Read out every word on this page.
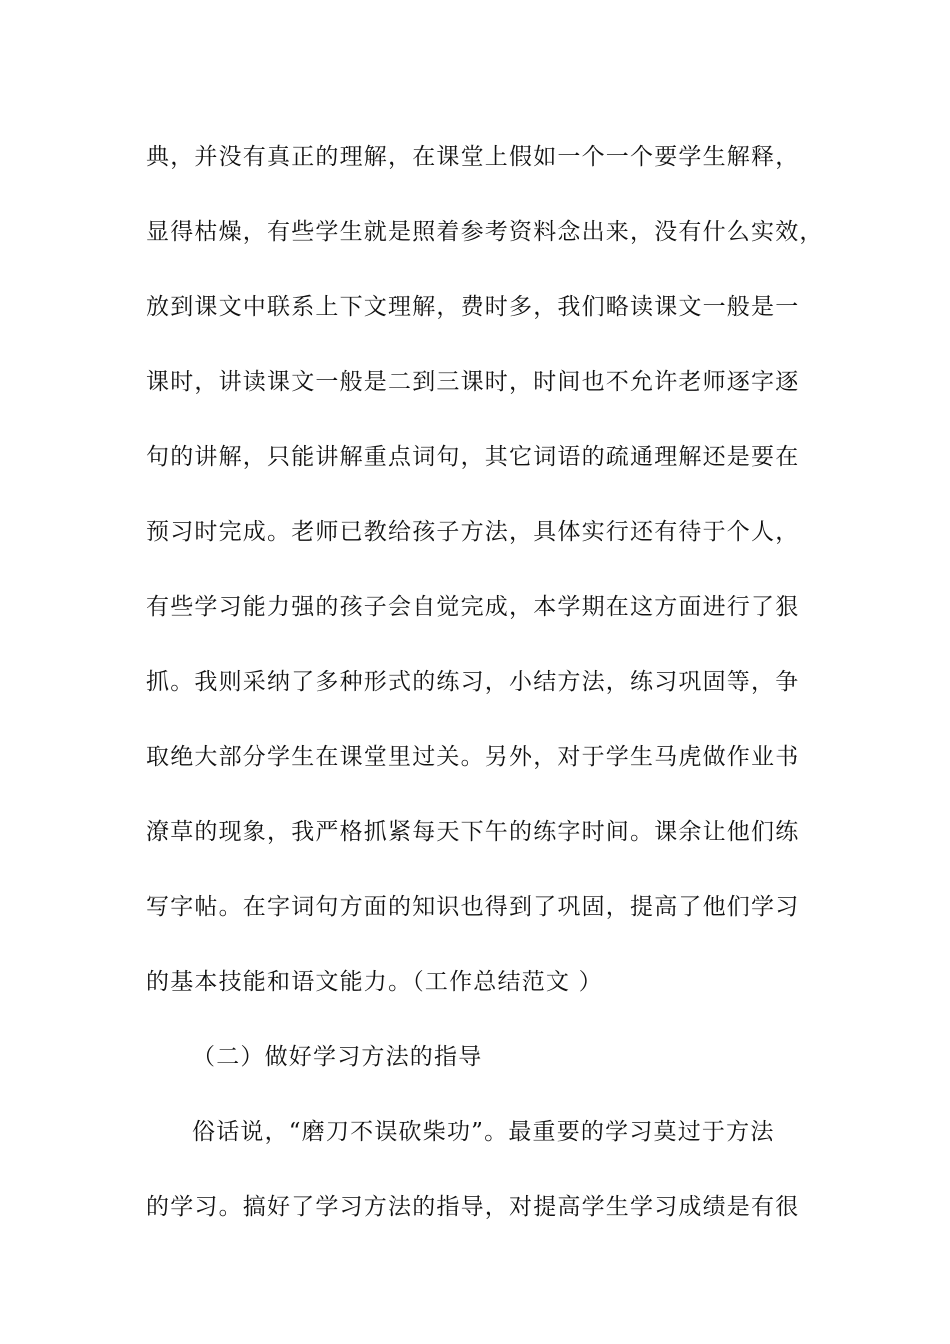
典，并没有真正的理解，在课堂上假如一个一个要学生解释，
显得枯燥，有些学生就是照着参考资料念出来，没有什么实效，
放到课文中联系上下文理解，费时多，我们略读课文一般是一
课时，讲读课文一般是二到三课时，时间也不允许老师逐字逐
句的讲解，只能讲解重点词句，其它词语的疏通理解还是要在
预习时完成。老师已教给孩子方法，具体实行还有待于个人，
有些学习能力强的孩子会自觉完成，本学期在这方面进行了狠
抓。我则采纳了多种形式的练习，小结方法，练习巩固等，争
取绝大部分学生在课堂里过关。另外，对于学生马虎做作业书
潦草的现象，我严格抓紧每天下午的练字时间。课余让他们练
写字帖。在字词句方面的知识也得到了巩固，提高了他们学习
的基本技能和语文能力。（工作总结范文 ）
（二）做好学习方法的指导
俗话说，“磨刀不误砍柴功”。最重要的学习莫过于方法
的学习。搞好了学习方法的指导，对提高学生学习成绩是有很
